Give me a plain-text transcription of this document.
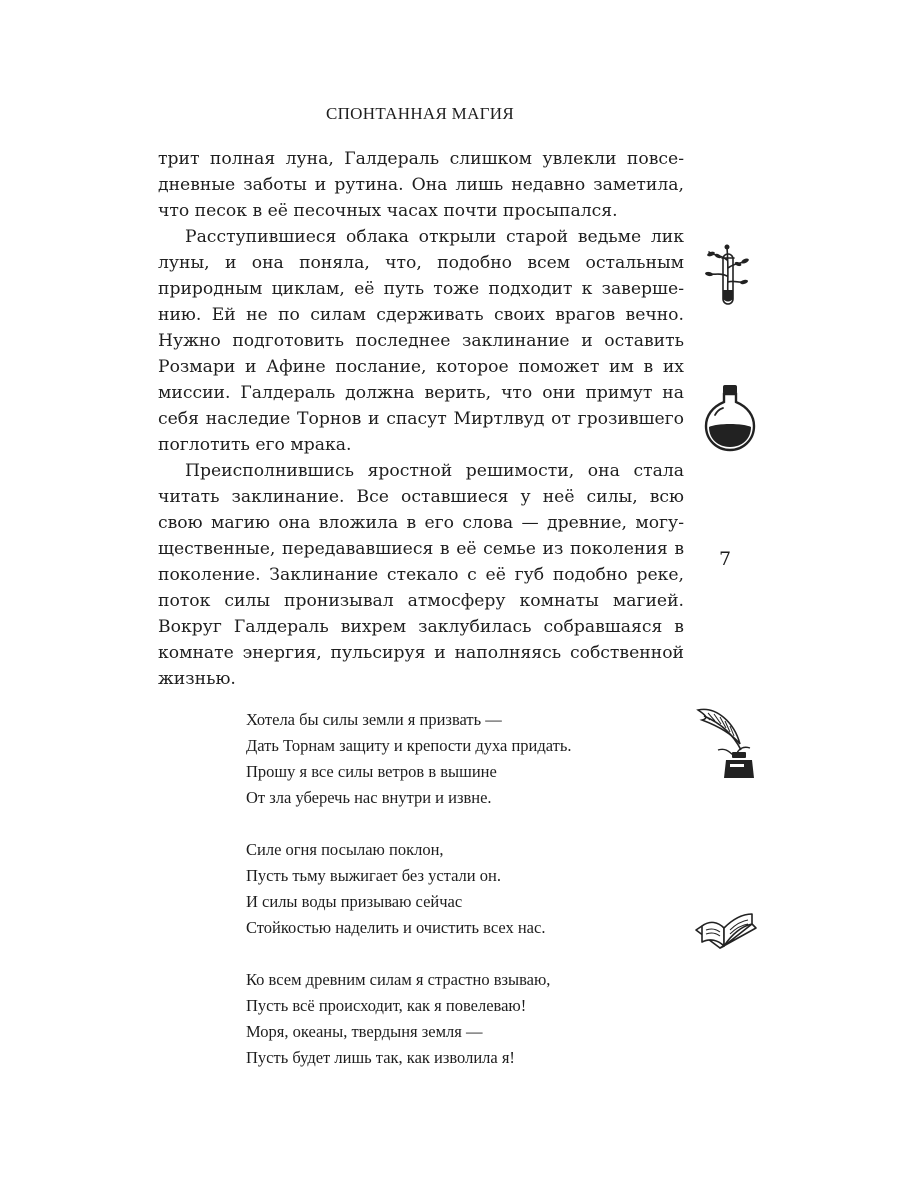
СПОНТАННАЯ МАГИЯ

трит полная луна, Галдераль слишком увлекли повседневные заботы и рутина. Она лишь недавно заметила, что песок в её песочных часах почти просыпался.

Расступившиеся облака открыли старой ведьме лик луны, и она поняла, что, подобно всем остальным природным циклам, её путь тоже подходит к завершению. Ей не по силам сдерживать своих врагов вечно. Нужно подготовить последнее заклинание и оставить Розмари и Афине послание, которое поможет им в их миссии. Галдераль должна верить, что они примут на себя наследие Торнов и спасут Миртлвуд от грозившего поглотить его мрака.

Преисполнившись яростной решимости, она стала читать заклинание. Все оставшиеся у неё силы, всю свою магию она вложила в его слова — древние, могущественные, передававшиеся в её семье из поколения в поколение. Заклинание стекало с её губ подобно реке, поток силы пронизывал атмосферу комнаты магией. Вокруг Галдераль вихрем заклубилась собравшаяся в комнате энергия, пульсируя и наполняясь собственной жизнью.

Хотела бы силы земли я призвать —
Дать Торнам защиту и крепости духа придать.
Прошу я все силы ветров в вышине
От зла уберечь нас внутри и извне.
Силе огня посылаю поклон,
Пусть тьму выжигает без устали он.
И силы воды призываю сейчас
Стойкостью наделить и очистить всех нас.
Ко всем древним силам я страстно взываю,
Пусть всё происходит, как я повелеваю!
Моря, океаны, твердыня земля —
Пусть будет лишь так, как изволила я!
7
